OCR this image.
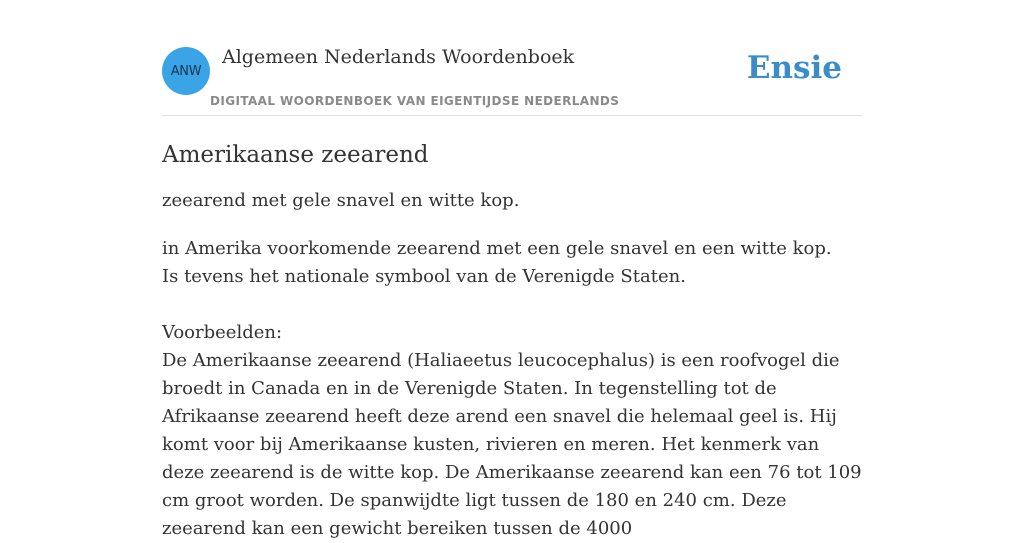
ANW
Algemeen Nederlands Woordenboek
DIGITAAL WOORDENBOEK VAN EIGENTIJDSE NEDERLANDS
Ensie
Amerikaanse zeearend

zeearend met gele snavel en witte kop.

in Amerika voorkomende zeearend met een gele snavel en een witte kop.
Is tevens het nationale symbool van de Verenigde Staten.

Voorbeelden:

De Amerikaanse zeearend (Haliaeetus leucocephalus) is een roofvogel die broedt in Canada en in de Verenigde Staten. In tegenstelling tot de Afrikaanse zeearend heeft deze arend een snavel die helemaal geel is. Hij komt voor bij Amerikaanse kusten, rivieren en meren. Het kenmerk van deze zeearend is de witte kop. De Amerikaanse zeearend kan een 76 tot 109 cm groot worden. De spanwijdte ligt tussen de 180 en 240 cm. Deze zeearend kan een gewicht bereiken tussen de 4000
